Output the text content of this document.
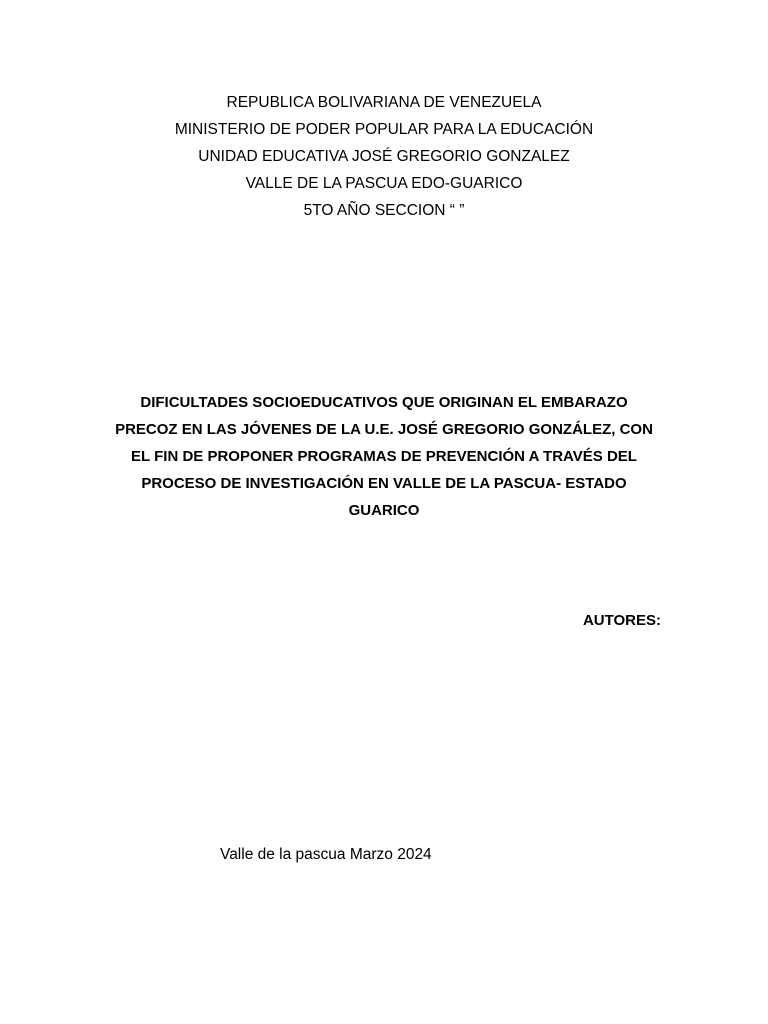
REPUBLICA BOLIVARIANA DE VENEZUELA
MINISTERIO DE PODER POPULAR PARA LA EDUCACIÓN
UNIDAD EDUCATIVA JOSÉ GREGORIO GONZALEZ
VALLE DE LA PASCUA EDO-GUARICO
5TO AÑO SECCION “ ”
DIFICULTADES SOCIOEDUCATIVOS QUE ORIGINAN EL EMBARAZO
PRECOZ EN LAS JÓVENES DE LA U.E. JOSÉ GREGORIO GONZÁLEZ, CON
EL FIN DE PROPONER PROGRAMAS DE PREVENCIÓN A TRAVÉS DEL
PROCESO DE INVESTIGACIÓN EN VALLE DE LA PASCUA- ESTADO
GUARICO
AUTORES:
Valle de la pascua Marzo 2024
